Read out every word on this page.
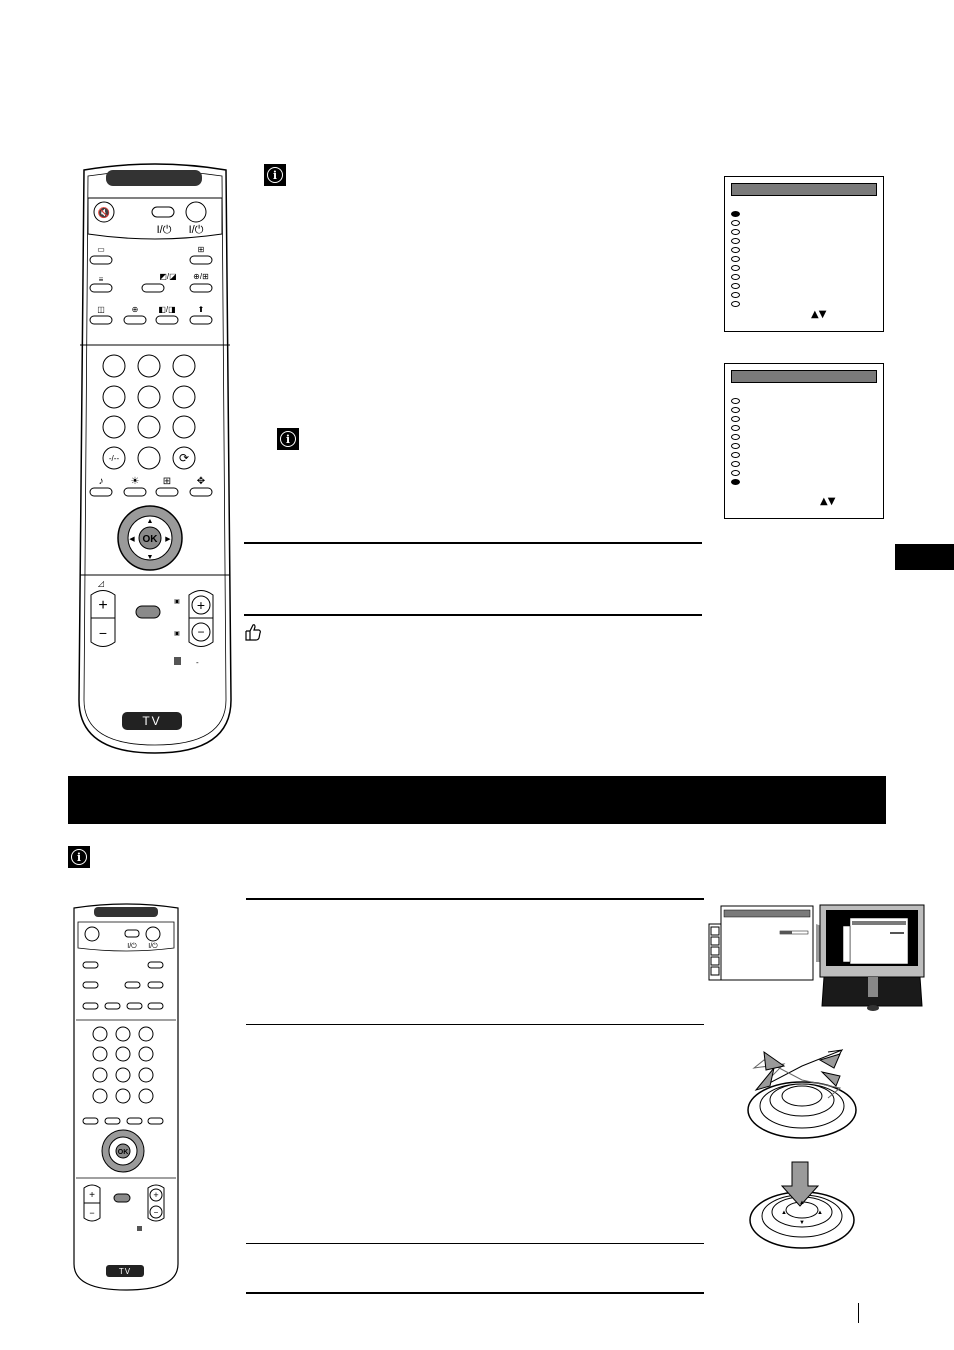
🔇
I/⏻ I/⏻
▭	⊞
≡	◩/◪ ⊕/⊞
◫	⊕ ◧/◨	⬆
-/--	⟳
♪	☀ ⊞	✥
OK
▲
▼
◀	▶
+
−
◿
+
−
▣
▣
-
TV
i
i
i
▲▼
▲▼
I/⏻ I/⏻
OK
+
−
+
−
TV
▲	▲
▲
▼
